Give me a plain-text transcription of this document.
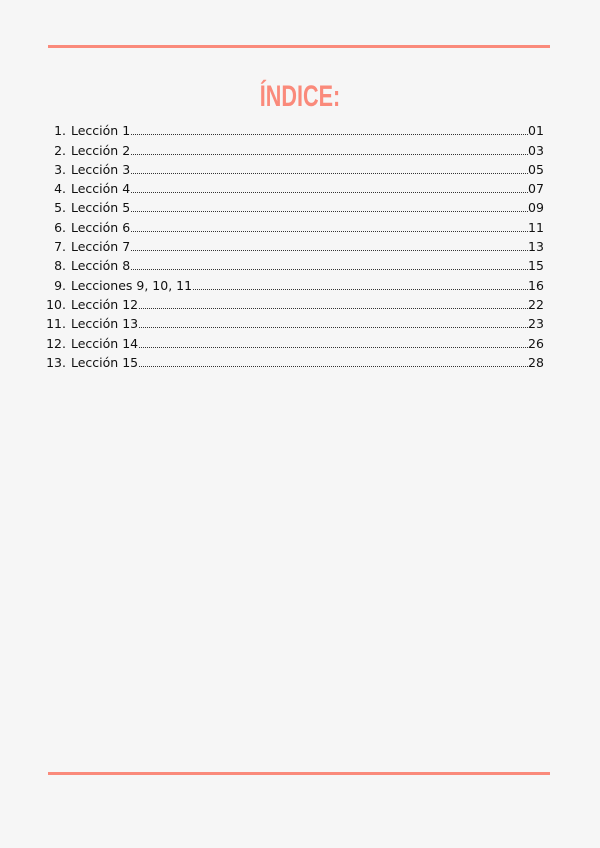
ÍNDICE:
1. Lección 1	01
2. Lección 2	03
3. Lección 3	05
4. Lección 4	07
5. Lección 5	09
6. Lección 6	11
7. Lección 7	13
8. Lección 8	15
9. Lecciones 9, 10, 11	16
10. Lección 12	22
11. Lección 13	23
12. Lección 14	26
13. Lección 15	28
